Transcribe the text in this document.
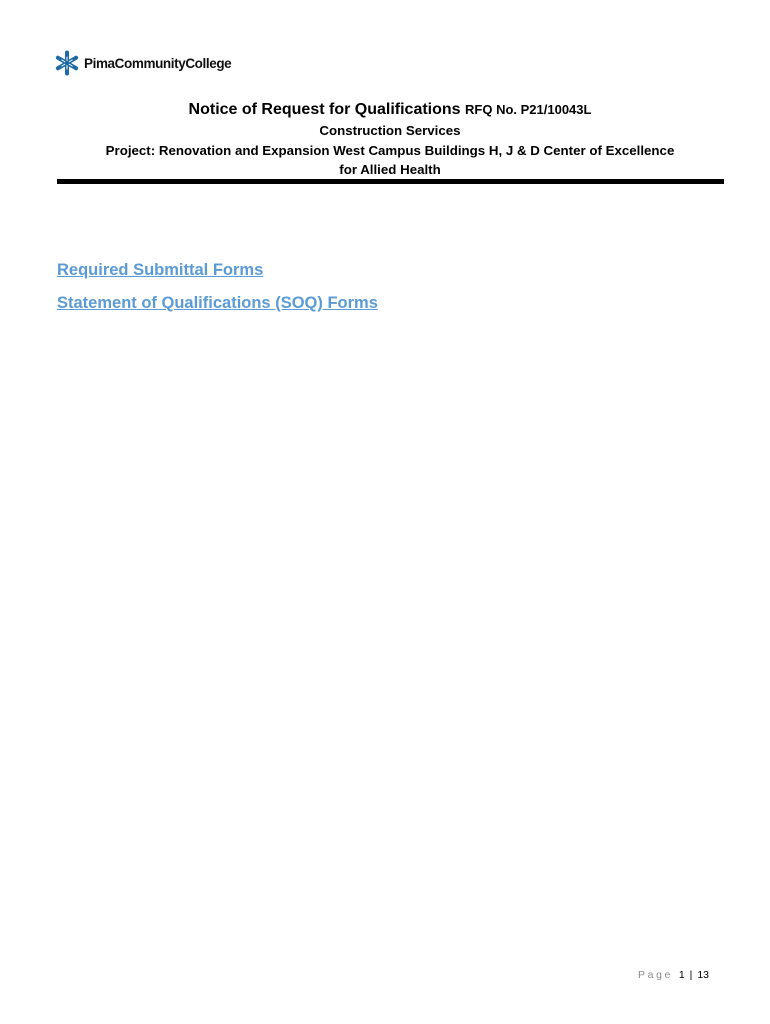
PimaCommunityCollege

Notice of Request for Qualifications RFQ No. P21/10043L

Construction Services

Project: Renovation and Expansion West Campus Buildings H, J & D Center of Excellence

for Allied Health

Required Submittal Forms
Statement of Qualifications (SOQ) Forms
Page 1 | 13
